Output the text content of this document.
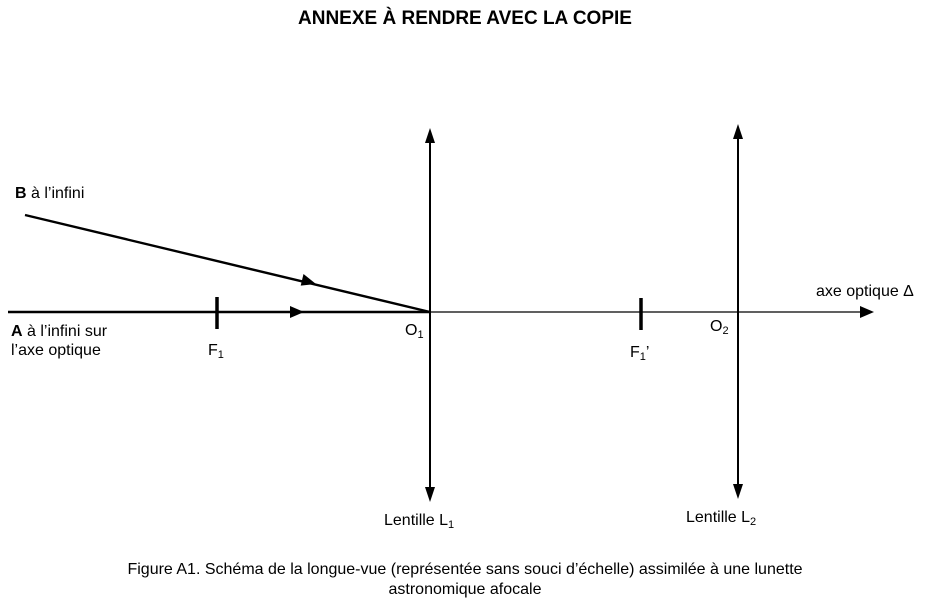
ANNEXE À RENDRE AVEC LA COPIE
B à l’infini
A à l’infini sur
l’axe optique
axe optique Δ
$F_1$
$O_1$
$F_1$’
$O_2$
Lentille $L_1$	Lentille $L_2$
Figure A1. Schéma de la longue-vue (représentée sans souci d’échelle) assimilée à une lunette
astronomique afocale
